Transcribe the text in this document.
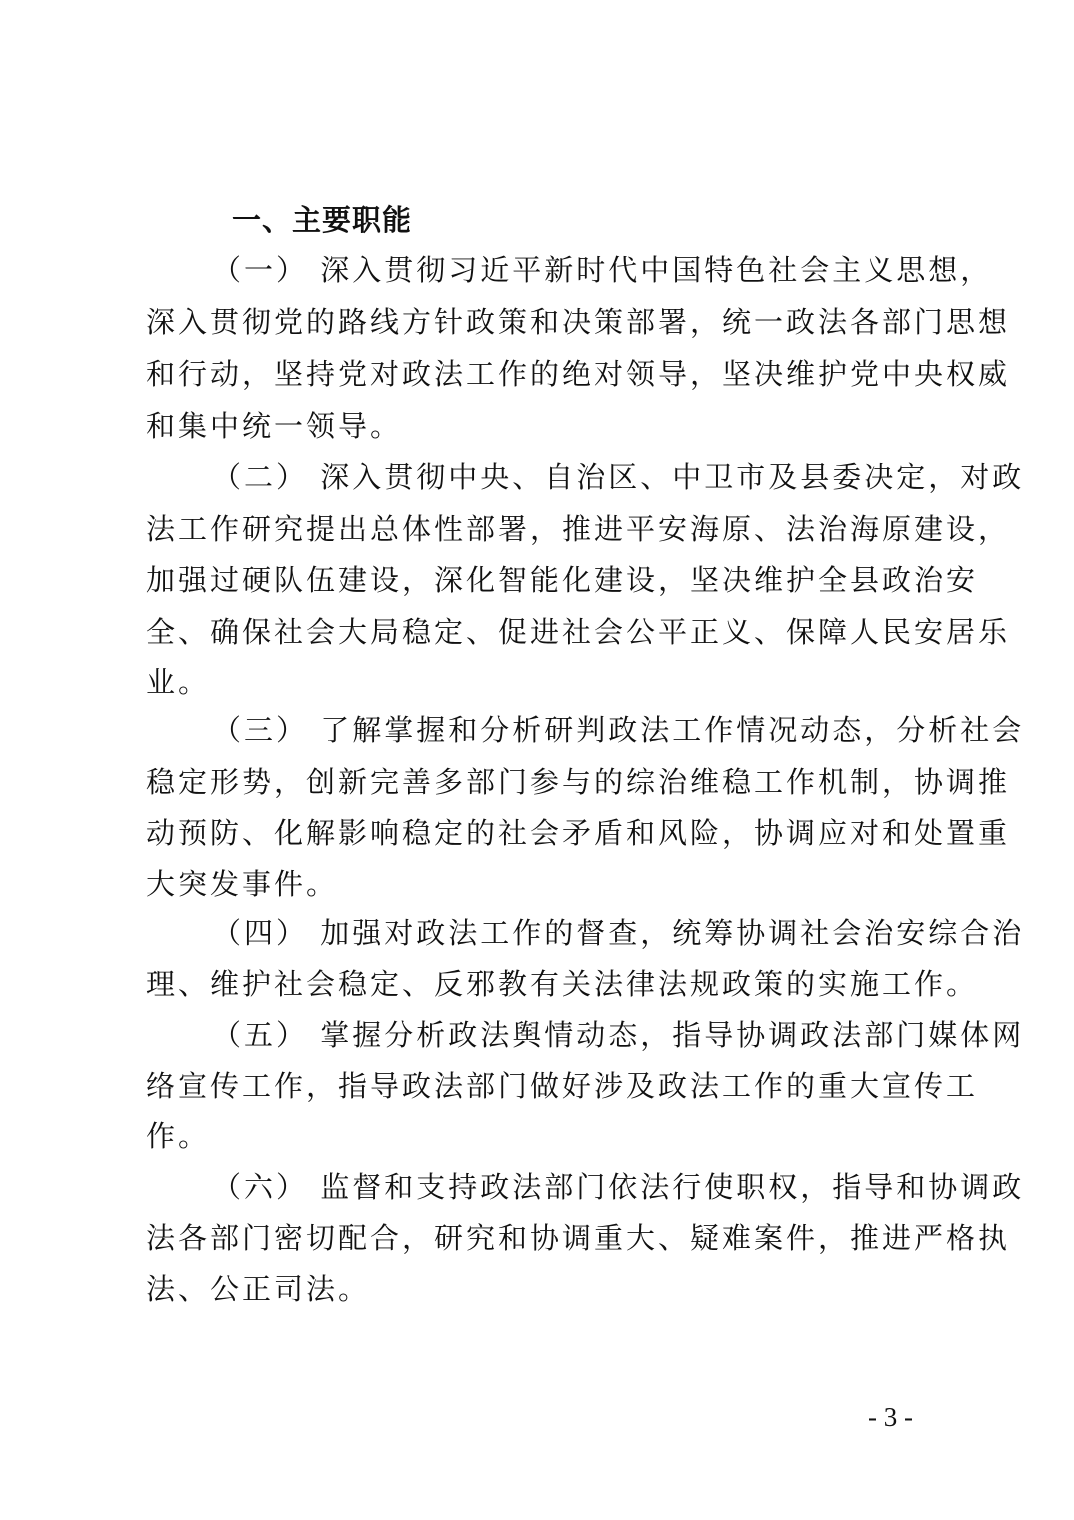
一、主要职能
（一） 深入贯彻习近平新时代中国特色社会主义思想，
深入贯彻党的路线方针政策和决策部署，统一政法各部门思想
和行动，坚持党对政法工作的绝对领导，坚决维护党中央权威
和集中统一领导。
（二） 深入贯彻中央、自治区、中卫市及县委决定，对政
法工作研究提出总体性部署，推进平安海原、法治海原建设，
加强过硬队伍建设，深化智能化建设，坚决维护全县政治安
全、确保社会大局稳定、促进社会公平正义、保障人民安居乐
业。
（三） 了解掌握和分析研判政法工作情况动态，分析社会
稳定形势，创新完善多部门参与的综治维稳工作机制，协调推
动预防、化解影响稳定的社会矛盾和风险，协调应对和处置重
大突发事件。
（四） 加强对政法工作的督查，统筹协调社会治安综合治
理、维护社会稳定、反邪教有关法律法规政策的实施工作。
（五） 掌握分析政法舆情动态，指导协调政法部门媒体网
络宣传工作，指导政法部门做好涉及政法工作的重大宣传工
作。
（六） 监督和支持政法部门依法行使职权，指导和协调政
法各部门密切配合，研究和协调重大、疑难案件，推进严格执
法、公正司法。
- 3 -
